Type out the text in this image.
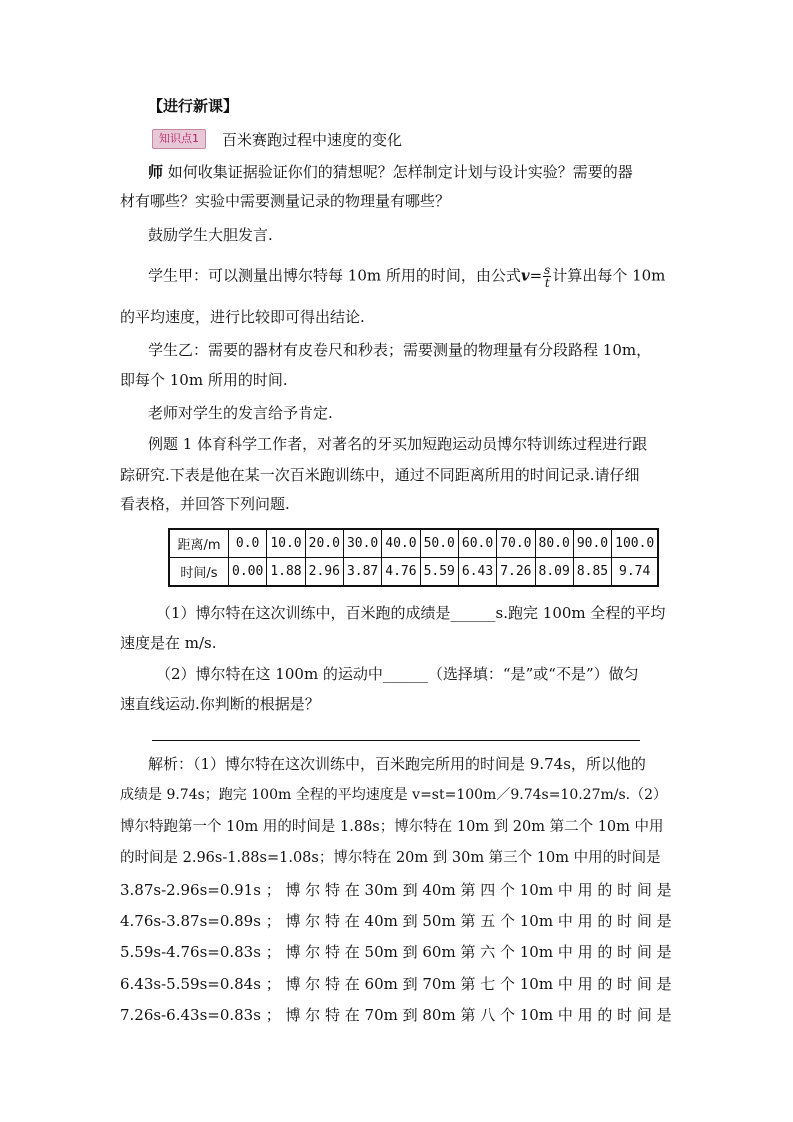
【进行新课】
知识点1	百米赛跑过程中速度的变化
师 如何收集证据验证你们的猜想呢？怎样制定计划与设计实验？需要的器
材有哪些？实验中需要测量记录的物理量有哪些？
鼓励学生大胆发言.
学生甲：可以测量出博尔特每 10m 所用的时间，由公式$v= \frac{s}{t}$ 计算出每个 10m
的平均速度，进行比较即可得出结论.
学生乙：需要的器材有皮卷尺和秒表；需要测量的物理量有分段路程 10m，
即每个 10m 所用的时间.
老师对学生的发言给予肯定.
例题 1 体育科学工作者，对著名的牙买加短跑运动员博尔特训练过程进行跟
踪研究.下表是他在某一次百米跑训练中，通过不同距离所用的时间记录.请仔细
看表格，并回答下列问题.
距离/m	0.0	10.0	20.0	30.0	40.0	50.0	60.0	70.0	80.0	90.0	100.0
时间/s	0.00	1.88	2.96	3.87	4.76	5.59	6.43	7.26	8.09	8.85	9.74
（1）博尔特在这次训练中，百米跑的成绩是______s.跑完 100m 全程的平均
速度是在 m/s.
（2）博尔特在这 100m 的运动中______（选择填：“是”或“不是”）做匀
速直线运动.你判断的根据是？
解析：（1）博尔特在这次训练中，百米跑完所用的时间是 9.74s，所以他的
成绩是 9.74s；跑完 100m 全程的平均速度是 v=st=100m／9.74s=10.27m/s.（2）
博尔特跑第一个 10m 用的时间是 1.88s；博尔特在 10m 到 20m 第二个 10m 中用
的时间是 2.96s-1.88s=1.08s；博尔特在 20m 到 30m 第三个 10m 中用的时间是
3.87s-2.96s=0.91s ； 博 尔 特 在 30m 到 40m 第 四 个 10m 中 用 的 时 间 是
4.76s-3.87s=0.89s ； 博 尔 特 在 40m 到 50m 第 五 个 10m 中 用 的 时 间 是
5.59s-4.76s=0.83s ； 博 尔 特 在 50m 到 60m 第 六 个 10m 中 用 的 时 间 是
6.43s-5.59s=0.84s ； 博 尔 特 在 60m 到 70m 第 七 个 10m 中 用 的 时 间 是
7.26s-6.43s=0.83s ； 博 尔 特 在 70m 到 80m 第 八 个 10m 中 用 的 时 间 是
